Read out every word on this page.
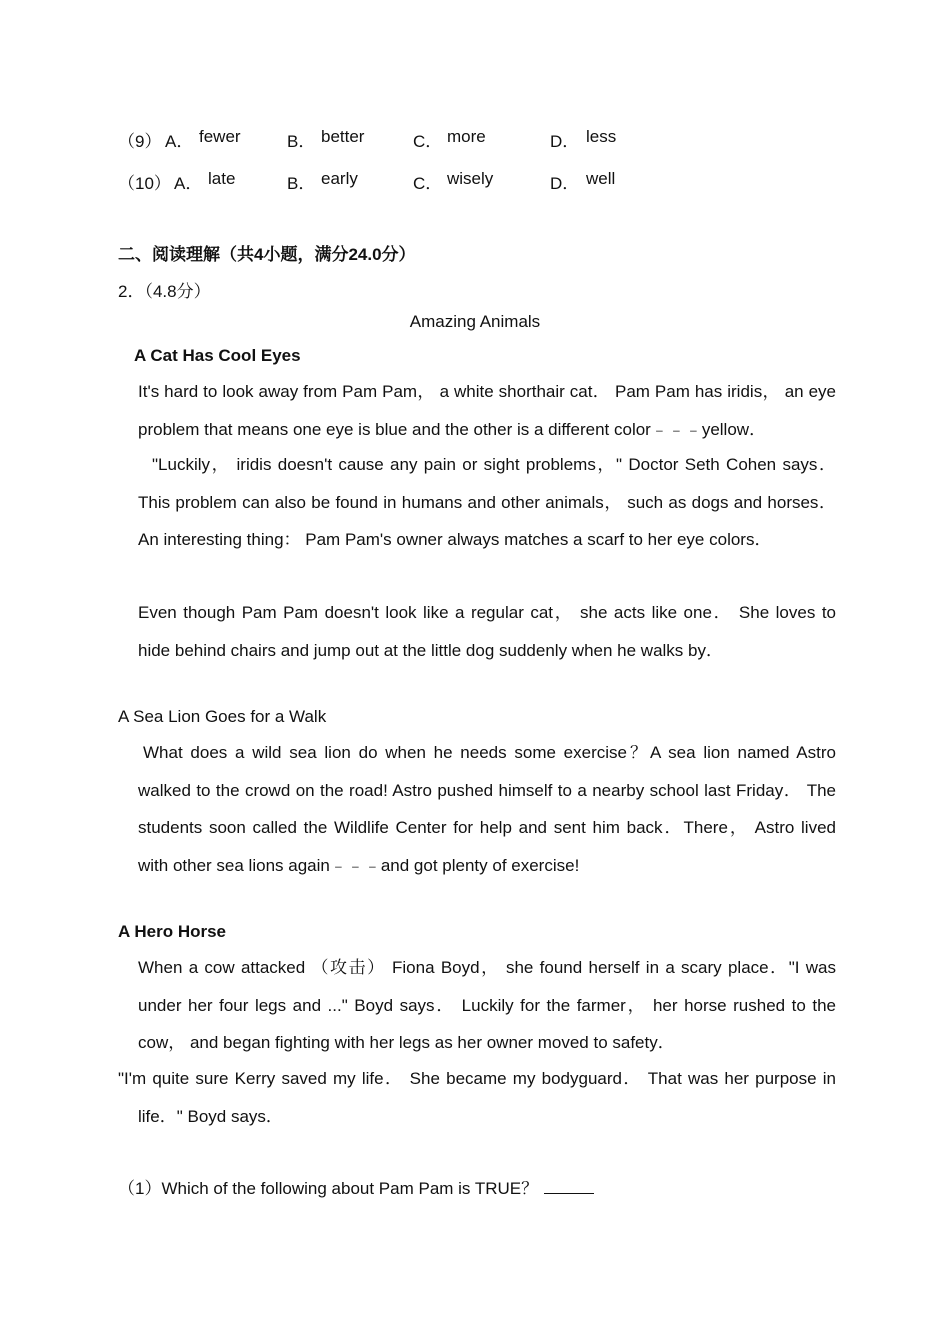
（9） A． fewer	B． better	C． more	D． less
（10） A． late	B． early	C． wisely	D． well
二、阅读理解（共4小题，满分24.0分）
2．（4.8分）
Amazing Animals
A Cat Has Cool Eyes

It's hard to look away from Pam Pam， a white shorthair cat． Pam Pam has iridis， an eye problem that means one eye is blue and the other is a different color﹣﹣﹣yellow．

"Luckily， iridis doesn't cause any pain or sight problems，" Doctor Seth Cohen says． This problem can also be found in humans and other animals， such as dogs and horses． An interesting thing： Pam Pam's owner always matches a scarf to her eye colors．

Even though Pam Pam doesn't look like a regular cat， she acts like one． She loves to hide behind chairs and jump out at the little dog suddenly when he walks by．

A Sea Lion Goes for a Walk

What does a wild sea lion do when he needs some exercise？A sea lion named Astro walked to the crowd on the road! Astro pushed himself to a nearby school last Friday． The students soon called the Wildlife Center for help and sent him back．There， Astro lived with other sea lions again﹣﹣﹣and got plenty of exercise!

A Hero Horse

When a cow attacked （攻击） Fiona Boyd， she found herself in a scary place．"I was under her four legs and ..." Boyd says． Luckily for the farmer， her horse rushed to the cow， and began fighting with her legs as her owner moved to safety．

"I'm quite sure Kerry saved my life． She became my bodyguard． That was her purpose in life．" Boyd says．

（1）Which of the following about Pam Pam is TRUE？
